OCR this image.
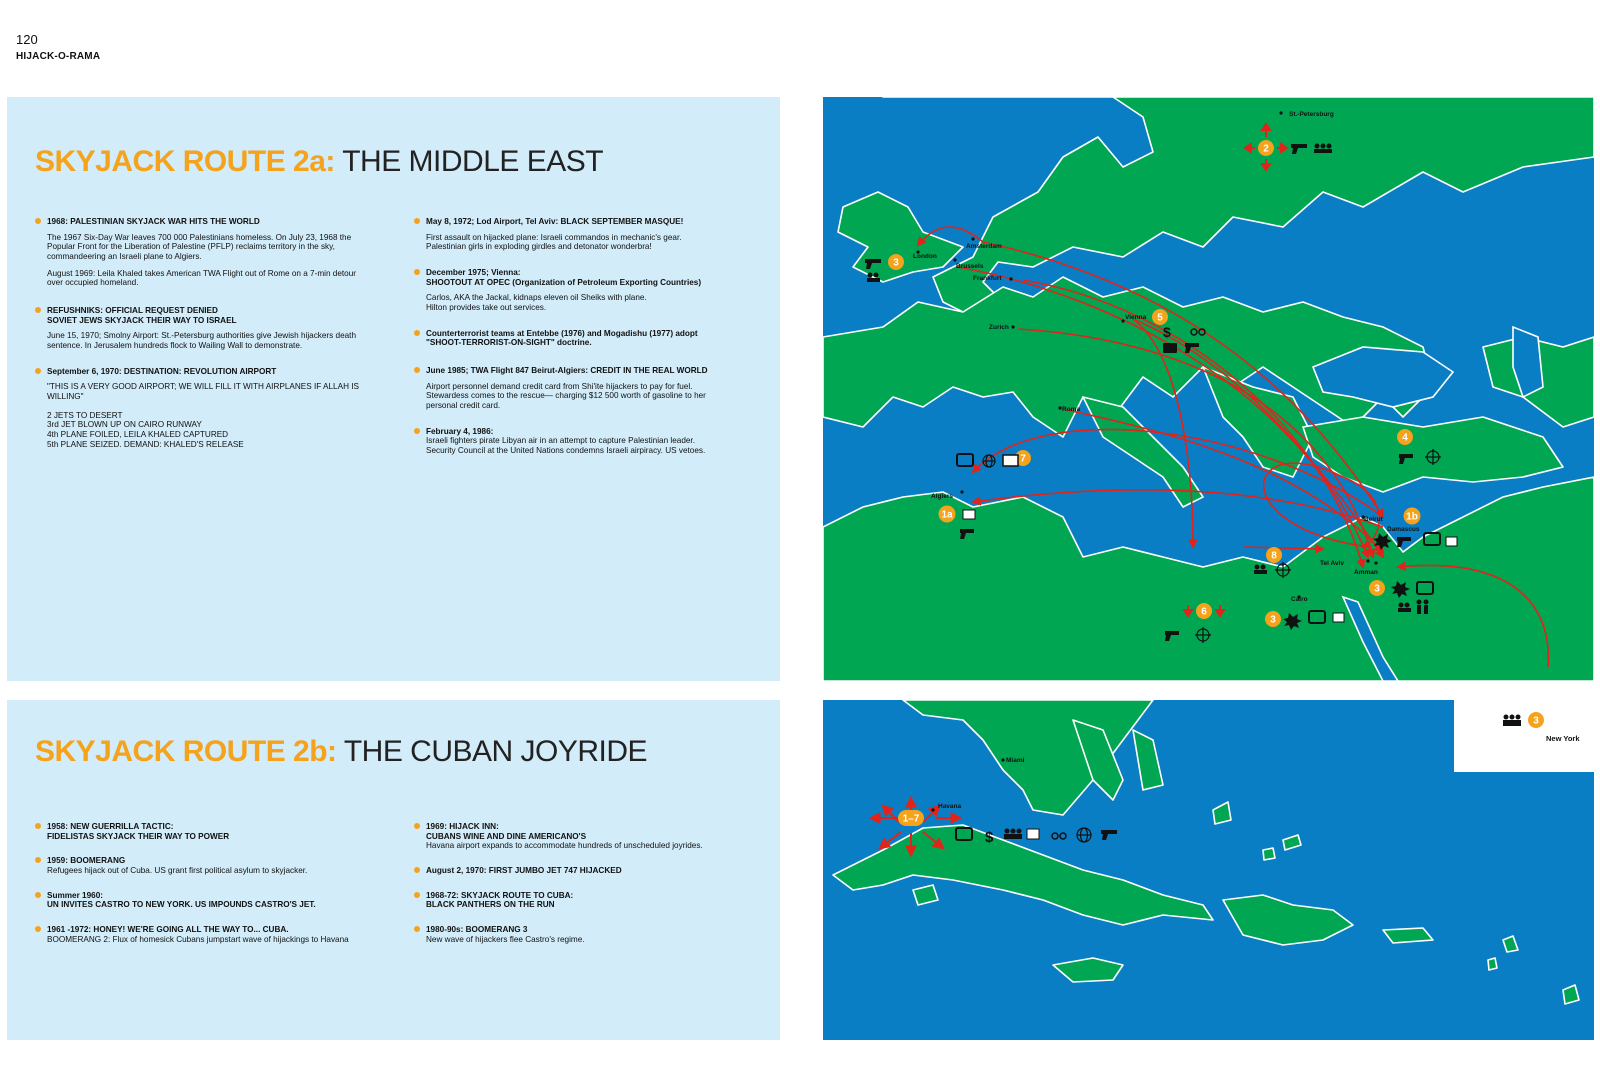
120
HIJACK-O-RAMA
SKYJACK ROUTE 2a: THE MIDDLE EAST
1968: PALESTINIAN SKYJACK WAR HITS THE WORLD
The 1967 Six-Day War leaves 700 000 Palestinians homeless. On July 23, 1968 the
Popular Front for the Liberation of Palestine (PFLP) reclaims territory in the sky,
commandeering an Israeli plane to Algiers.
August 1969: Leila Khaled takes American TWA Flight out of Rome on a 7-min detour
over occupied homeland.
REFUSHNIKS: OFFICIAL REQUEST DENIED
SOVIET JEWS SKYJACK THEIR WAY TO ISRAEL
June 15, 1970; Smolny Airport: St.-Petersburg authorities give Jewish hijackers death
sentence. In Jerusalem hundreds flock to Wailing Wall to demonstrate.
September 6, 1970: DESTINATION: REVOLUTION AIRPORT
"THIS IS A VERY GOOD AIRPORT; WE WILL FILL IT WITH AIRPLANES IF ALLAH IS WILLING"
2 JETS TO DESERT
3rd JET BLOWN UP ON CAIRO RUNWAY
4th PLANE FOILED, LEILA KHALED CAPTURED
5th PLANE SEIZED. DEMAND: KHALED'S RELEASE
May 8, 1972; Lod Airport, Tel Aviv: BLACK SEPTEMBER MASQUE!
First assault on hijacked plane: Israeli commandos in mechanic's gear.
Palestinian girls in exploding girdles and detonator wonderbra!
December 1975; Vienna:
SHOOTOUT AT OPEC (Organization of Petroleum Exporting Countries)
Carlos, AKA the Jackal, kidnaps eleven oil Sheiks with plane.
Hilton provides take out services.
Counterterrorist teams at Entebbe (1976) and Mogadishu (1977) adopt
"SHOOT-TERRORIST-ON-SIGHT" doctrine.
June 1985; TWA Flight 847 Beirut-Algiers: CREDIT IN THE REAL WORLD
Airport personnel demand credit card from Shi'ite hijackers to pay for fuel.
Stewardess comes to the rescue— charging $12 500 worth of gasoline to her
personal credit card.
February 4, 1986:
Israeli fighters pirate Libyan air in an attempt to capture Palestinian leader.
Security Council at the United Nations condemns Israeli airpiracy. US vetoes.
SKYJACK ROUTE 2b: THE CUBAN JOYRIDE
1958: NEW GUERRILLA TACTIC:
FIDELISTAS SKYJACK THEIR WAY TO POWER
1959: BOOMERANG
Refugees hijack out of Cuba. US grant first political asylum to skyjacker.
Summer 1960:
UN INVITES CASTRO TO NEW YORK. US IMPOUNDS CASTRO'S JET.
1961 -1972: HONEY! WE'RE GOING ALL THE WAY TO... CUBA.
BOOMERANG 2: Flux of homesick Cubans jumpstart wave of hijackings to Havana
1969: HIJACK INN:
CUBANS WINE AND DINE AMERICANO'S
Havana airport expands to accommodate hundreds of unscheduled joyrides.
August 2, 1970: FIRST JUMBO JET 747 HIJACKED
1968-72: SKYJACK ROUTE TO CUBA:
BLACK PANTHERS ON THE RUN
1980-90s: BOOMERANG 3
New wave of hijackers flee Castro's regime.
St.-Petersburg
Amsterdam
London
Brussels
Frankfurt
Vienna
Zurich
Roma
Algiers
Beirut
Damascus
Tel Aviv
Amman
Cairo
2
3
5
7
4
1a	1b
8
3
6
3
$
Miami
Havana
1–7
$
3
New York
